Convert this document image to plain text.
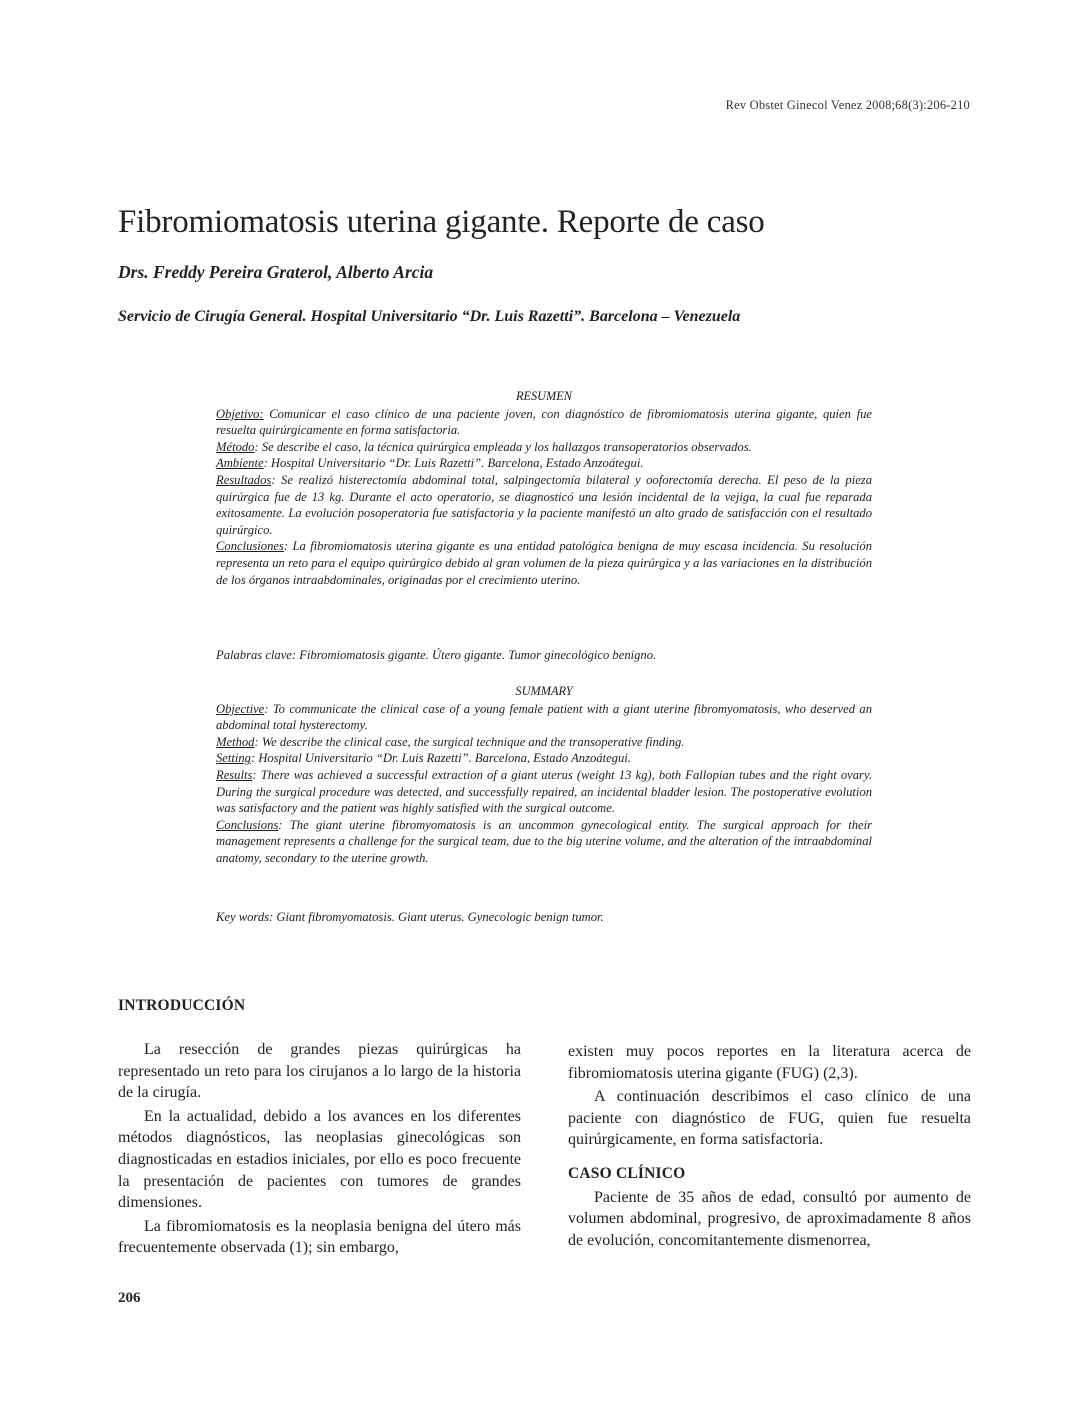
Rev Obstet Ginecol Venez 2008;68(3):206-210
Fibromiomatosis uterina gigante. Reporte de caso
Drs. Freddy Pereira Graterol, Alberto Arcia
Servicio de Cirugía General. Hospital Universitario “Dr. Luis Razetti”. Barcelona – Venezuela
RESUMEN

Objetivo: Comunicar el caso clínico de una paciente joven, con diagnóstico de fibromiomatosis uterina gigante, quien fue resuelta quirúrgicamente en forma satisfactoria.

Método: Se describe el caso, la técnica quirúrgica empleada y los hallazgos transoperatorios observados.

Ambiente: Hospital Universitario “Dr. Luis Razetti”. Barcelona, Estado Anzoátegui.

Resultados: Se realizó histerectomía abdominal total, salpingectomía bilateral y ooforectomía derecha. El peso de la pieza quirúrgica fue de 13 kg. Durante el acto operatorio, se diagnosticó una lesión incidental de la vejiga, la cual fue reparada exitosamente. La evolución posoperatoria fue satisfactoria y la paciente manifestó un alto grado de satisfacción con el resultado quirúrgico.

Conclusiones: La fibromiomatosis uterina gigante es una entidad patológica benigna de muy escasa incidencia. Su resolución representa un reto para el equipo quirúrgico debido al gran volumen de la pieza quirúrgica y a las variaciones en la distribución de los órganos intraabdominales, originadas por el crecimiento uterino.

Palabras clave: Fibromiomatosis gigante. Útero gigante. Tumor ginecológico benigno.
SUMMARY

Objective: To communicate the clinical case of a young female patient with a giant uterine fibromyomatosis, who deserved an abdominal total hysterectomy.

Method: We describe the clinical case, the surgical technique and the transoperative finding.

Setting: Hospital Universitario “Dr. Luis Razetti”. Barcelona, Estado Anzoátegui.

Results: There was achieved a successful extraction of a giant uterus (weight 13 kg), both Fallopian tubes and the right ovary. During the surgical procedure was detected, and successfully repaired, an incidental bladder lesion. The postoperative evolution was satisfactory and the patient was highly satisfied with the surgical outcome.

Conclusions: The giant uterine fibromyomatosis is an uncommon gynecological entity. The surgical approach for their management represents a challenge for the surgical team, due to the big uterine volume, and the alteration of the intraabdominal anatomy, secondary to the uterine growth.

Key words: Giant fibromyomatosis. Giant uterus. Gynecologic benign tumor.
INTRODUCCIÓN

La resección de grandes piezas quirúrgicas ha representado un reto para los cirujanos a lo largo de la historia de la cirugía.

En la actualidad, debido a los avances en los diferentes métodos diagnósticos, las neoplasias ginecológicas son diagnosticadas en estadios iniciales, por ello es poco frecuente la presentación de pacientes con tumores de grandes dimensiones.

La fibromiomatosis es la neoplasia benigna del útero más frecuentemente observada (1); sin embargo,

existen muy pocos reportes en la literatura acerca de fibromiomatosis uterina gigante (FUG) (2,3).

A continuación describimos el caso clínico de una paciente con diagnóstico de FUG, quien fue resuelta quirúrgicamente, en forma satisfactoria.

CASO CLÍNICO

Paciente de 35 años de edad, consultó por aumento de volumen abdominal, progresivo, de aproximadamente 8 años de evolución, concomitantemente dismenorrea,

206
